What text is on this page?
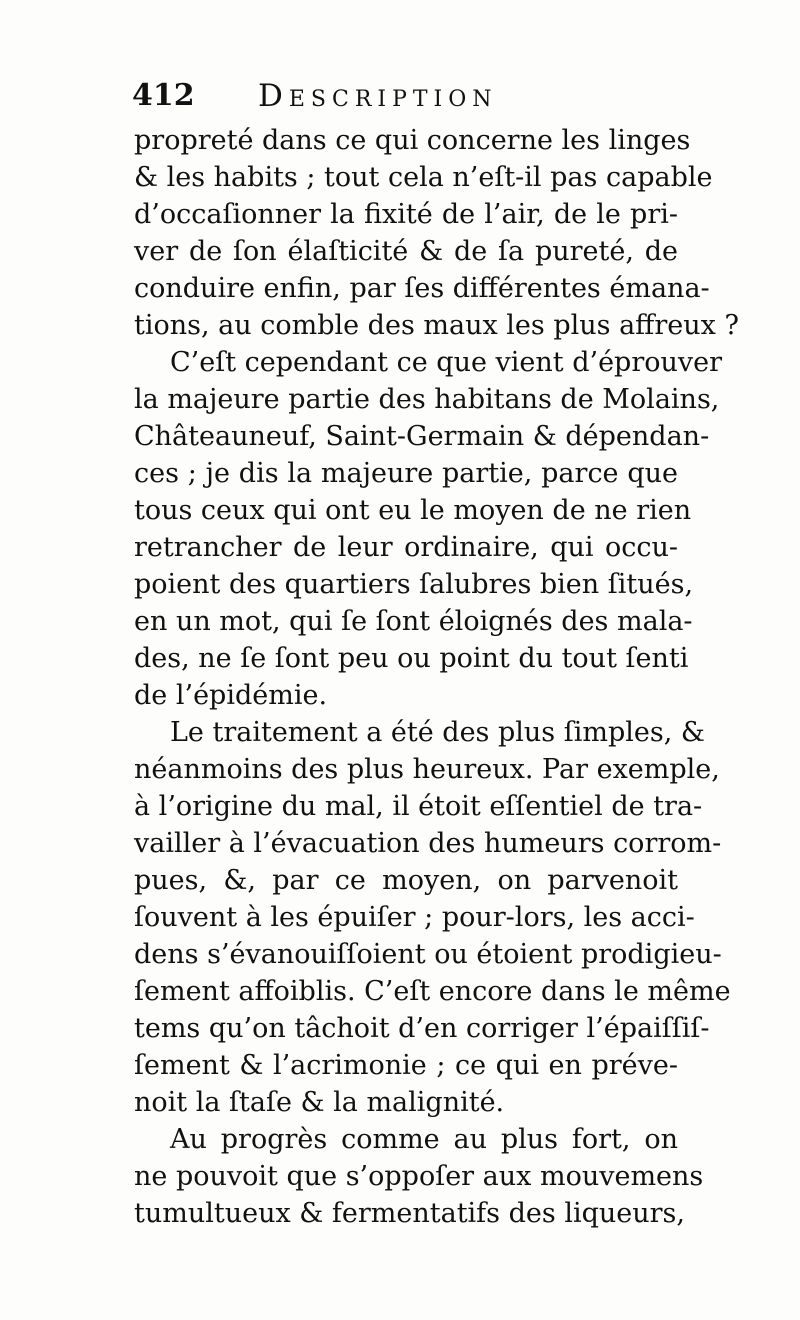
412 Description
propreté dans ce qui concerne les linges
& les habits ; tout cela n’eſt-il pas capable
d’occaſionner la fixité de l’air, de le pri-
ver de ſon élaſticité & de ſa pureté, de
conduire enfin, par ſes différentes émana-
tions, au comble des maux les plus affreux ?
C’eſt cependant ce que vient d’éprouver
la majeure partie des habitans de Molains,
Châteauneuf, Saint-Germain & dépendan-
ces ; je dis la majeure partie, parce que
tous ceux qui ont eu le moyen de ne rien
retrancher de leur ordinaire, qui occu-
poient des quartiers ſalubres bien ſitués,
en un mot, qui ſe ſont éloignés des mala-
des, ne ſe ſont peu ou point du tout ſenti
de l’épidémie.
Le traitement a été des plus ſimples, &
néanmoins des plus heureux. Par exemple,
à l’origine du mal, il étoit eſſentiel de tra-
vailler à l’évacuation des humeurs corrom-
pues, &, par ce moyen, on parvenoit
ſouvent à les épuiſer ; pour-lors, les acci-
dens s’évanouiſſoient ou étoient prodigieu-
ſement affoiblis. C’eſt encore dans le même
tems qu’on tâchoit d’en corriger l’épaiſſiſ-
ſement & l’acrimonie ; ce qui en préve-
noit la ſtaſe & la malignité.
Au progrès comme au plus fort, on
ne pouvoit que s’oppoſer aux mouvemens
tumultueux & fermentatifs des liqueurs,
